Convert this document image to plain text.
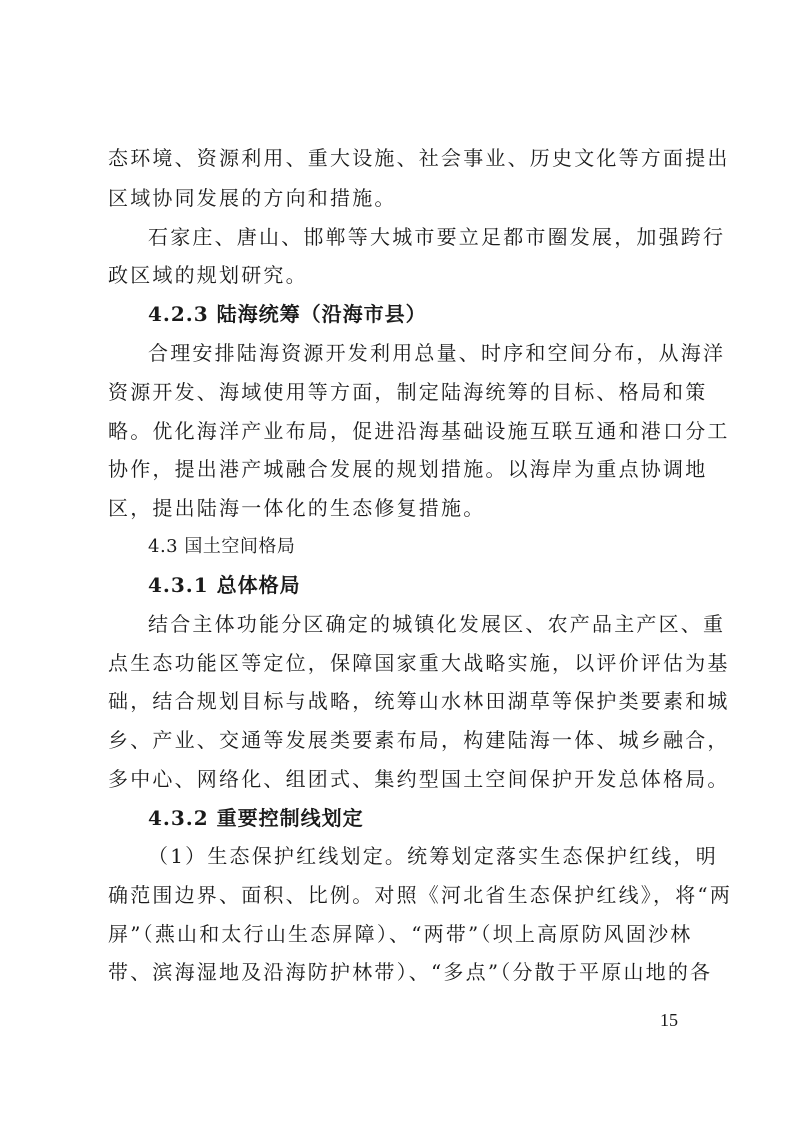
态环境、资源利用、重大设施、社会事业、历史文化等方面提出
区域协同发展的方向和措施。
石家庄、唐山、邯郸等大城市要立足都市圈发展，加强跨行
政区域的规划研究。
4.2.3 陆海统筹（沿海市县）
合理安排陆海资源开发利用总量、时序和空间分布，从海洋
资源开发、海域使用等方面，制定陆海统筹的目标、格局和策
略。优化海洋产业布局，促进沿海基础设施互联互通和港口分工
协作，提出港产城融合发展的规划措施。以海岸为重点协调地
区，提出陆海一体化的生态修复措施。
4.3 国土空间格局
4.3.1 总体格局
结合主体功能分区确定的城镇化发展区、农产品主产区、重
点生态功能区等定位，保障国家重大战略实施，以评价评估为基
础，结合规划目标与战略，统筹山水林田湖草等保护类要素和城
乡、产业、交通等发展类要素布局，构建陆海一体、城乡融合，
多中心、网络化、组团式、集约型国土空间保护开发总体格局。
4.3.2 重要控制线划定
（1）生态保护红线划定。统筹划定落实生态保护红线，明
确范围边界、面积、比例。对照《河北省生态保护红线》，将“两
屏”（燕山和太行山生态屏障）、“两带”（坝上高原防风固沙林
带、滨海湿地及沿海防护林带）、“多点”（分散于平原山地的各
15
